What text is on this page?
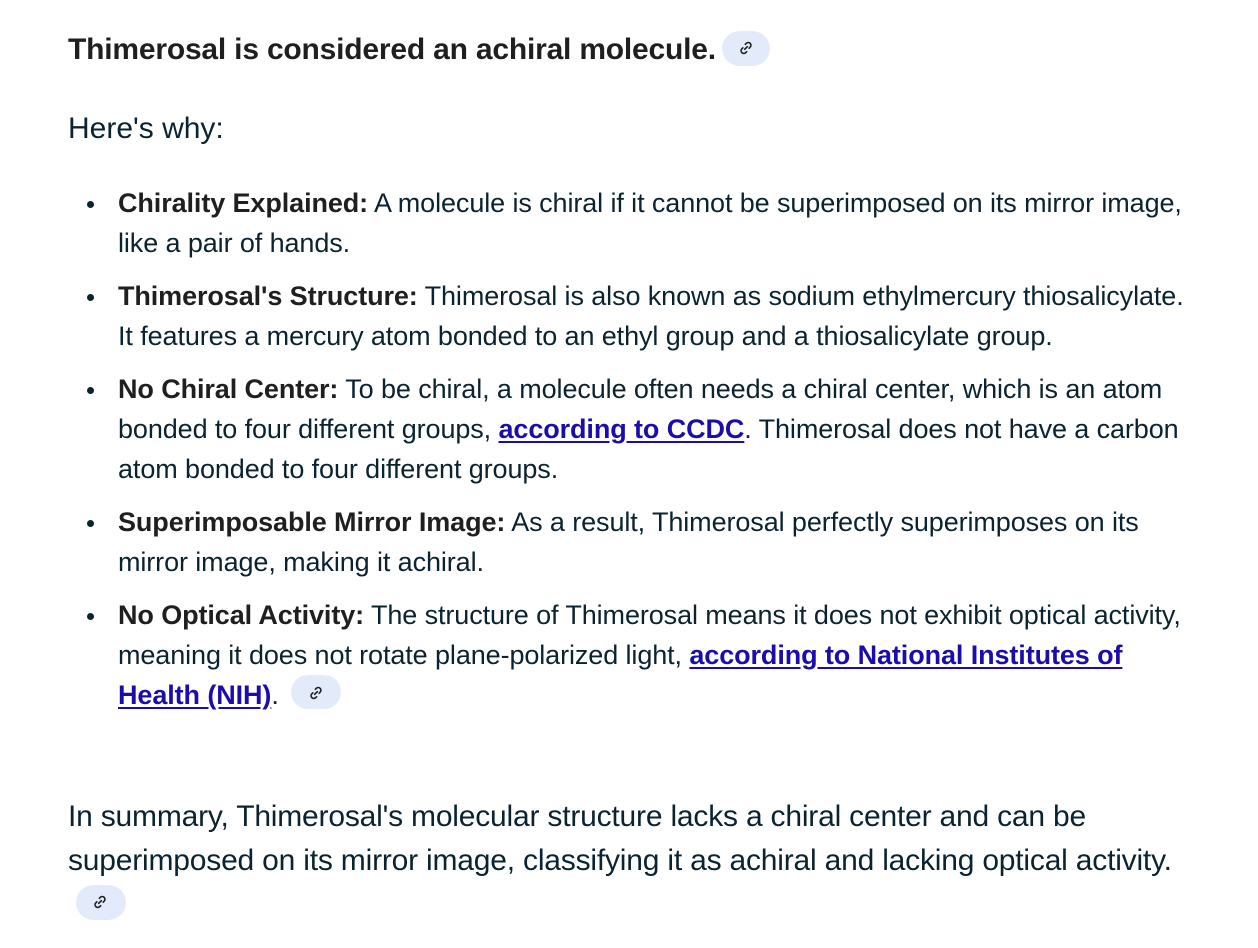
Thimerosal is considered an achiral molecule.

Here's why:

Chirality Explained: A molecule is chiral if it cannot be superimposed on its mirror image, like a pair of hands.
Thimerosal's Structure: Thimerosal is also known as sodium ethylmercury thiosalicylate. It features a mercury atom bonded to an ethyl group and a thiosalicylate group.
No Chiral Center: To be chiral, a molecule often needs a chiral center, which is an atom bonded to four different groups, according to CCDC. Thimerosal does not have a carbon atom bonded to four different groups.
Superimposable Mirror Image: As a result, Thimerosal perfectly superimposes on its mirror image, making it achiral.
No Optical Activity: The structure of Thimerosal means it does not exhibit optical activity, meaning it does not rotate plane-polarized light, according to National Institutes of Health (NIH).

In summary, Thimerosal's molecular structure lacks a chiral center and can be superimposed on its mirror image, classifying it as achiral and lacking optical activity.
